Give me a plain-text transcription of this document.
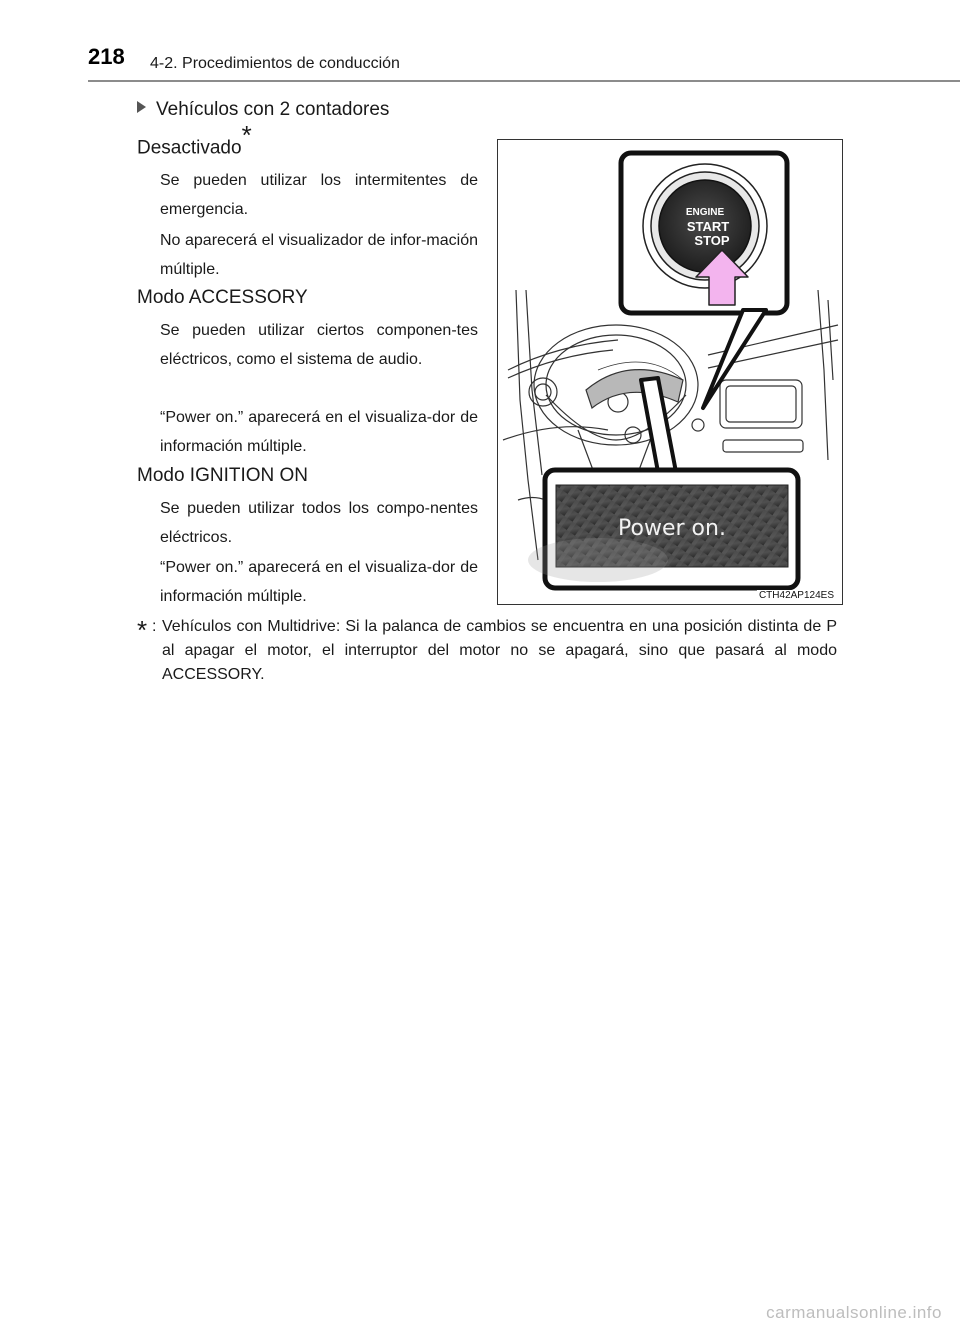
218 4-2. Procedimientos de conducción
Vehículos con 2 contadores
Desactivado*
Se pueden utilizar los intermitentes de emergencia.
No aparecerá el visualizador de infor-mación múltiple.
Modo ACCESSORY
Se pueden utilizar ciertos componen-tes eléctricos, como el sistema de audio.
“Power on.” aparecerá en el visualiza-dor de información múltiple.
Modo IGNITION ON
Se pueden utilizar todos los compo-nentes eléctricos.
“Power on.” aparecerá en el visualiza-dor de información múltiple.
ENGINE
START
STOP
Power on.
CTH42AP124ES
* : Vehículos con Multidrive: Si la palanca de cambios se encuentra en una posición distinta de P al apagar el motor, el interruptor del motor no se apagará, sino que pasará al modo ACCESSORY.
carmanualsonline.info
